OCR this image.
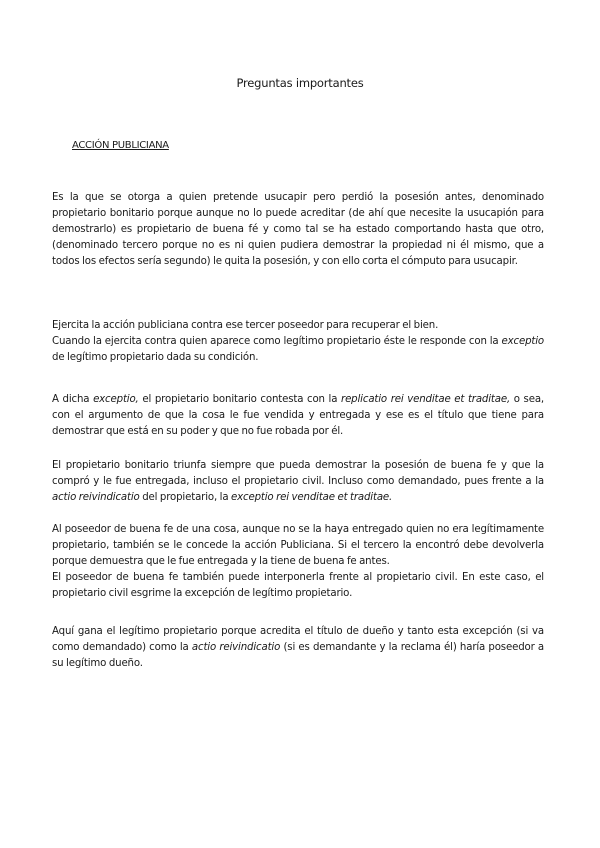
Preguntas importantes
ACCIÓN PUBLICIANA

Es la que se otorga a quien pretende usucapir pero perdió la posesión antes, denominado propietario bonitario porque aunque no lo puede acreditar (de ahí que necesite la usucapión para demostrarlo) es propietario de buena fé y como tal se ha estado comportando hasta que otro, (denominado tercero porque no es ni quien pudiera demostrar la propiedad ni él mismo, que a todos los efectos sería segundo) le quita la posesión, y con ello corta el cómputo para usucapir.

Ejercita la acción publiciana contra ese tercer poseedor para recuperar el bien.
Cuando la ejercita contra quien aparece como legítimo propietario éste le responde con la exceptio de legítimo propietario dada su condición.

A dicha exceptio, el propietario bonitario contesta con la replicatio rei venditae et traditae, o sea, con el argumento de que la cosa le fue vendida y entregada y ese es el título que tiene para demostrar que está en su poder y que no fue robada por él.

El propietario bonitario triunfa siempre que pueda demostrar la posesión de buena fe y que la compró y le fue entregada, incluso el propietario civil. Incluso como demandado, pues frente a la actio reivindicatio del propietario, la exceptio rei venditae et traditae.

Al poseedor de buena fe de una cosa, aunque no se la haya entregado quien no era legítimamente propietario, también se le concede la acción Publiciana. Si el tercero la encontró debe devolverla porque demuestra que le fue entregada y la tiene de buena fe antes.
El poseedor de buena fe también puede interponerla frente al propietario civil. En este caso, el propietario civil esgrime la excepción de legítimo propietario.

Aquí gana el legítimo propietario porque acredita el título de dueño y tanto esta excepción (si va como demandado) como la actio reivindicatio (si es demandante y la reclama él) haría poseedor a su legítimo dueño.
